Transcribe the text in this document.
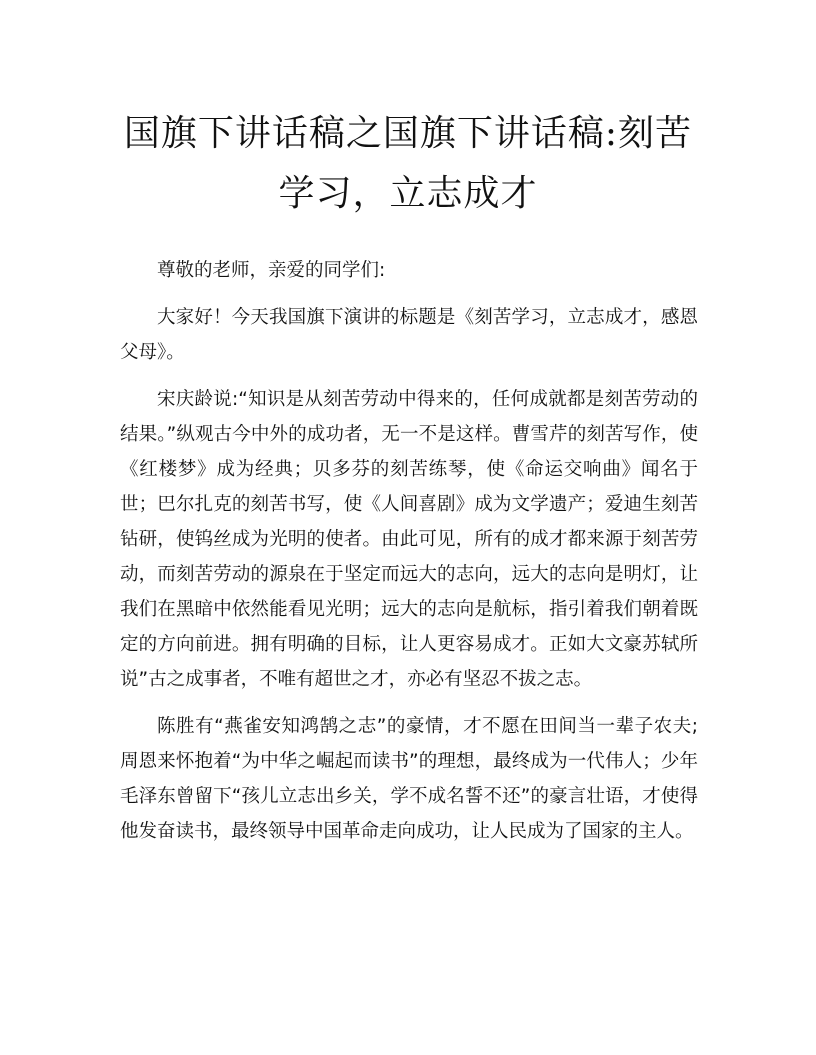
国旗下讲话稿之国旗下讲话稿:刻苦学习，立志成才

尊敬的老师，亲爱的同学们:

大家好！今天我国旗下演讲的标题是《刻苦学习，立志成才，感恩父母》。

宋庆龄说:“知识是从刻苦劳动中得来的，任何成就都是刻苦劳动的结果。”纵观古今中外的成功者，无一不是这样。曹雪芹的刻苦写作，使《红楼梦》成为经典；贝多芬的刻苦练琴，使《命运交响曲》闻名于世；巴尔扎克的刻苦书写，使《人间喜剧》成为文学遗产；爱迪生刻苦钻研，使钨丝成为光明的使者。由此可见，所有的成才都来源于刻苦劳动，而刻苦劳动的源泉在于坚定而远大的志向，远大的志向是明灯，让我们在黑暗中依然能看见光明；远大的志向是航标，指引着我们朝着既定的方向前进。拥有明确的目标，让人更容易成才。正如大文豪苏轼所说”古之成事者，不唯有超世之才，亦必有坚忍不拔之志。

陈胜有“燕雀安知鸿鹄之志”的豪情，才不愿在田间当一辈子农夫;周恩来怀抱着“为中华之崛起而读书”的理想，最终成为一代伟人；少年毛泽东曾留下“孩儿立志出乡关，学不成名誓不还”的豪言壮语，才使得他发奋读书，最终领导中国革命走向成功，让人民成为了国家的主人。
